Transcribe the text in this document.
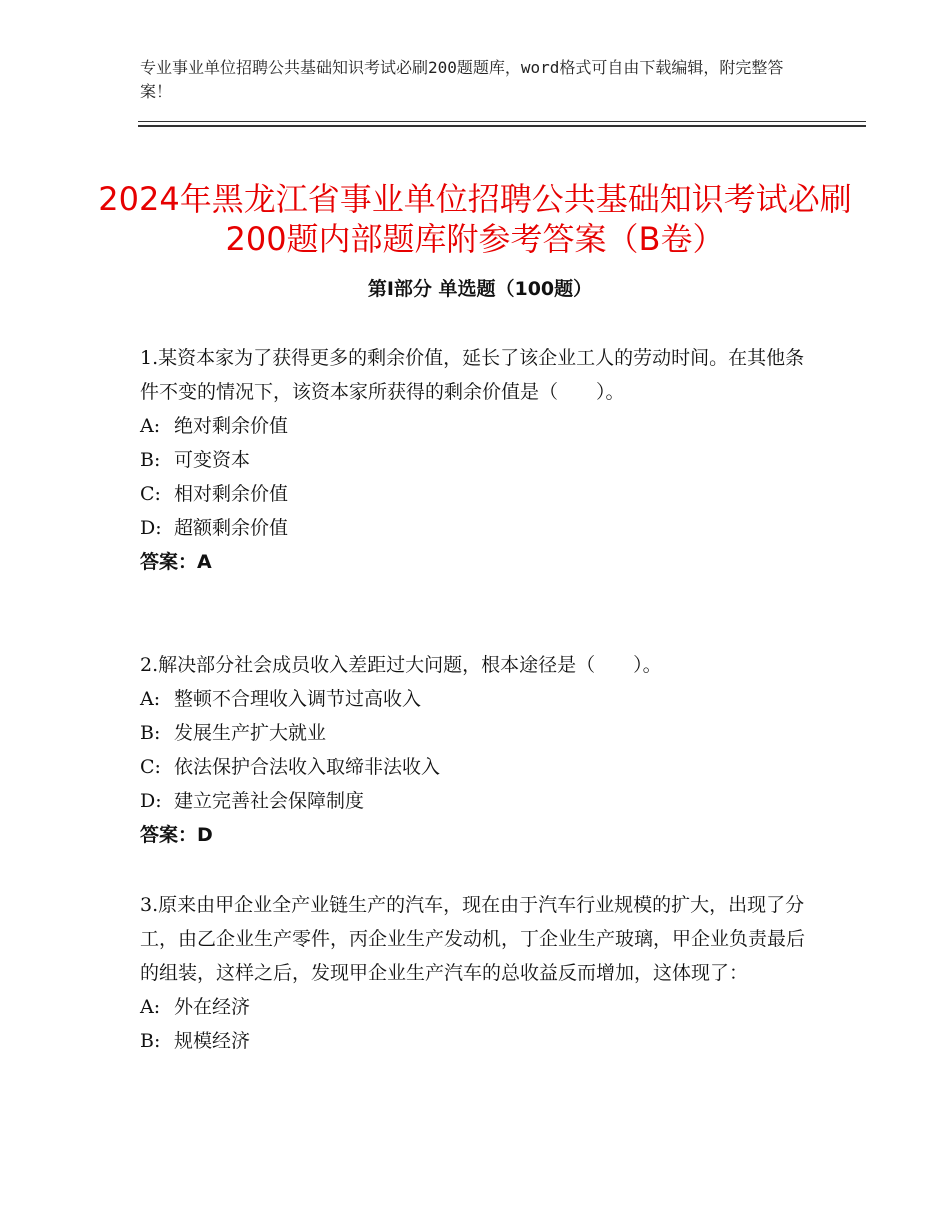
专业事业单位招聘公共基础知识考试必刷200题题库，word格式可自由下载编辑，附完整答案！
2024年黑龙江省事业单位招聘公共基础知识考试必刷200题内部题库附参考答案（B卷）
第Ⅰ部分 单选题（100题）

1.某资本家为了获得更多的剩余价值，延长了该企业工人的劳动时间。在其他条件不变的情况下，该资本家所获得的剩余价值是（　　）。

A: 绝对剩余价值

B: 可变资本

C: 相对剩余价值

D: 超额剩余价值

答案：A

2.解决部分社会成员收入差距过大问题，根本途径是（　　）。

A: 整顿不合理收入调节过高收入

B: 发展生产扩大就业

C: 依法保护合法收入取缔非法收入

D: 建立完善社会保障制度

答案：D

3.原来由甲企业全产业链生产的汽车，现在由于汽车行业规模的扩大，出现了分工，由乙企业生产零件，丙企业生产发动机，丁企业生产玻璃，甲企业负责最后的组装，这样之后，发现甲企业生产汽车的总收益反而增加，这体现了：

A: 外在经济

B: 规模经济
